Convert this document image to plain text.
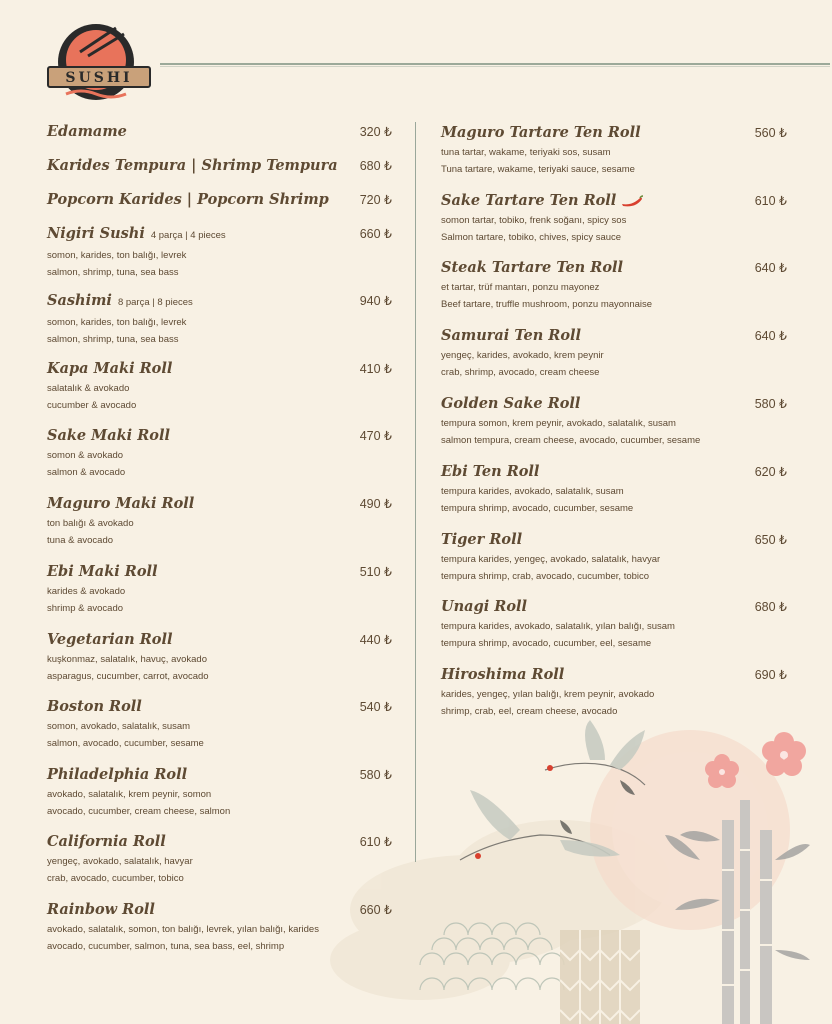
SUSHI
Edamame	320 ₺
Karides Tempura | Shrimp Tempura	680 ₺
Popcorn Karides | Popcorn Shrimp	720 ₺
Nigiri Sushi 4 parça | 4 pieces	660 ₺
somon, karides, ton balığı, levrek
salmon, shrimp, tuna, sea bass
Sashimi 8 parça | 8 pieces	940 ₺
somon, karides, ton balığı, levrek
salmon, shrimp, tuna, sea bass
Kapa Maki Roll	410 ₺
salatalık & avokado
cucumber & avocado
Sake Maki Roll	470 ₺
somon & avokado
salmon & avocado
Maguro Maki Roll	490 ₺
ton balığı & avokado
tuna & avocado
Ebi Maki Roll	510 ₺
karides & avokado
shrimp & avocado
Vegetarian Roll	440 ₺
kuşkonmaz, salatalık, havuç, avokado
asparagus, cucumber, carrot, avocado
Boston Roll	540 ₺
somon, avokado, salatalık, susam
salmon, avocado, cucumber, sesame
Philadelphia Roll	580 ₺
avokado, salatalık, krem peynir, somon
avocado, cucumber, cream cheese, salmon
California Roll	610 ₺
yengeç, avokado, salatalık, havyar
crab, avocado, cucumber, tobico
Rainbow Roll	660 ₺
avokado, salatalık, somon, ton balığı, levrek, yılan balığı, karides
avocado, cucumber, salmon, tuna, sea bass, eel, shrimp
Maguro Tartare Ten Roll	560 ₺
tuna tartar, wakame, teriyaki sos, susam
Tuna tartare, wakame, teriyaki sauce, sesame
Sake Tartare Ten Roll	610 ₺
somon tartar, tobiko, frenk soğanı, spicy sos
Salmon tartare, tobiko, chives, spicy sauce
Steak Tartare Ten Roll	640 ₺
et tartar, trüf mantarı, ponzu mayonez
Beef tartare, truffle mushroom, ponzu mayonnaise
Samurai Ten Roll	640 ₺
yengeç, karides, avokado, krem peynir
crab, shrimp, avocado, cream cheese
Golden Sake Roll	580 ₺
tempura somon, krem peynir, avokado, salatalık, susam
salmon tempura, cream cheese, avocado, cucumber, sesame
Ebi Ten Roll	620 ₺
tempura karides, avokado, salatalık, susam
tempura shrimp, avocado, cucumber, sesame
Tiger Roll	650 ₺
tempura karides, yengeç, avokado, salatalık, havyar
tempura shrimp, crab, avocado, cucumber, tobico
Unagi Roll	680 ₺
tempura karides, avokado, salatalık, yılan balığı, susam
tempura shrimp, avocado, cucumber, eel, sesame
Hiroshima Roll	690 ₺
karides, yengeç, yılan balığı, krem peynir, avokado
shrimp, crab, eel, cream cheese, avocado
